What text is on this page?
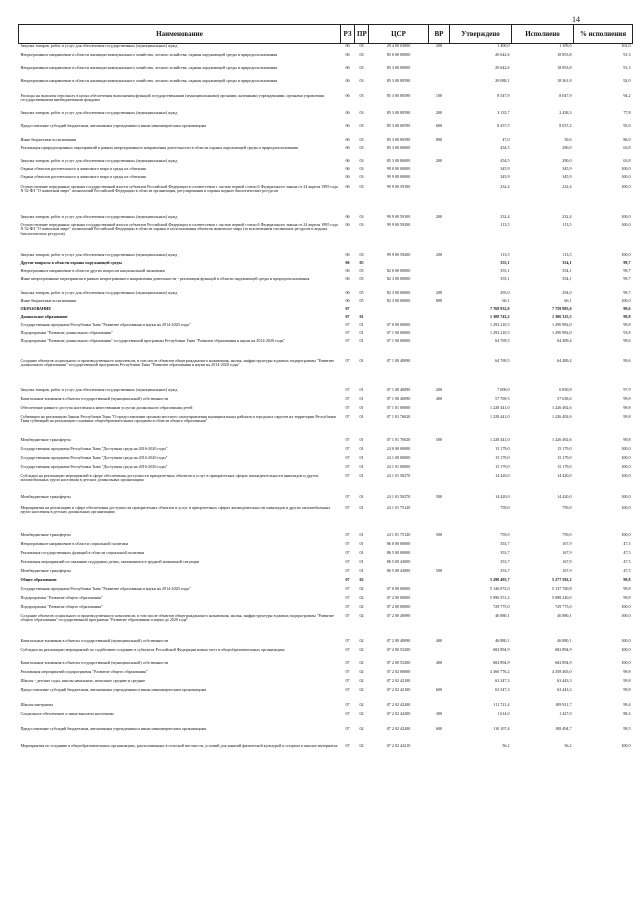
14
Наименование	РЗ	ПР	ЦСР	ВР	Утверждено	Исполнено	% исполнения
Закупка товаров, работ и услуг для обеспечения государственных (муниципальных) нужд	06	03	29 4 00 03000	200	1 400,0	1 109,0	102,0
Непрограммное направление в области жилищно-коммунального хозяйства, лесного хозяйства, охраны окружающей среды и природопользования	06	03	85 0 00 00000		20 642,6	18 853,8	91,3
Непрограммное направление в области жилищно-коммунального хозяйства, лесного хозяйства, охраны окружающей среды и природопользования	06	03	85 3 00 00000		20 642,6	18 853,8	91,3
Непрограммное направление в области жилищно-коммунального хозяйства, лесного хозяйства, охраны окружающей среды и природопользования	06	03	85 3 00 00590		20 088,1	18 361,8	92,0
Расходы на выплаты персоналу в целях обеспечения выполнения функций государственными (муниципальными) органами, казенными учреждениями, органами управления государственными внебюджетными фондами	06	03	85 3 00 00590	100	8 547,9	8 047,9	94,2
Закупка товаров, работ и услуг для обеспечения государственных (муниципальных) нужд	06	03	85 3 00 00590	200	3 135,7	2 438,3	77,8
Предоставление субсидий бюджетным, автономным учреждениям и иным некоммерческим организациям	06	03	85 3 00 00590	600	8 457,5	8 037,2	95,0
Иные бюджетные ассигнования	06	03	85 3 00 00590	800	47,0	39,6	86,0
Реализация природоохранных мероприятий в рамках непрограммного направления деятельности в области охраны окружающей среды и природопользования	06	03	85 3 00 06000		454,5	290,0	63,8
Закупка товаров, работ и услуг для обеспечения государственных (муниципальных) нужд	06	03	85 3 00 06000	200	454,5	290,0	63,8
Охрана объектов растительного и животного мира и среды их обитания	06	03	99 0 00 00000		345,9	345,9	100,0
Охрана объектов растительного и животного мира и среды их обитания	06	03	99 9 00 00000		345,9	345,9	100,0
Осуществление переданных органам государственной власти субъектов Российской Федерации в соответствии с частью первой статьи 6 Федерального закона от 24 апреля 1995 года N 52-ФЗ "О животном мире" полномочий Российской Федерации в области организации, регулирования и охраны водных биологических ресурсов	06	03	99 9 00 59100		232,4	232,4	100,0
Закупка товаров, работ и услуг для обеспечения государственных (муниципальных) нужд	06	03	99 9 00 59100	200	232,4	232,4	100,0
Осуществление переданных органам государственной власти субъектов Российской Федерации в соответствии с частью первой статьи 6 Федерального закона от 24 апреля 1995 года N 52-ФЗ "О животном мире" полномочий Российской Федерации в области охраны и использования объектов животного мира (за исключением охотничьих ресурсов и водных биологических ресурсов)	06	03	99 9 00 59200		113,5	113,5	100,0
Закупка товаров, работ и услуг для обеспечения государственных (муниципальных) нужд	06	03	99 9 00 59200	200	113,5	113,5	100,0
Другие вопросы в области охраны окружающей среды	06	05			355,1	354,1	99,7
Непрограммное направление в области других вопросов национальной экономики	06	05	82 0 00 00000		355,1	354,1	99,7
Иные непрограммные мероприятия в рамках непрограммного направления деятельности - реализация функций в области окружающей среды и природопользования	06	05	82 3 00 00000		355,1	354,1	99,7
Закупка товаров, работ и услуг для обеспечения государственных (муниципальных) нужд	06	05	82 3 00 00000	200	295,0	294,0	99,7
Иные бюджетные ассигнования	06	05	82 3 00 00000	800	60,1	60,1	100,0
ОБРАЗОВАНИЕ	07				7 768 932,0	7 759 985,6	99,6
Дошкольное образование	07	01			1 308 743,2	1 306 325,5	99,8
Государственная программа Республики Тыва "Развитие образования и науки на 2014-2020 годы"	07	01	07 0 00 00000		1 293 210,5	1 290 982,0	99,8
Подпрограмма "Развитие дошкольного образования"	07	01	07 1 00 00000		1 293 210,5	1 290 982,0	93,8
Подпрограмма "Развитие дошкольного образования" государственной программы Республики Тыва "Развитие образования и науки на 2014-2020 годы"	07	01	07 1 00 00000		64 769,5	64 489,4	99,6
Создание объектов социального и производственного комплексов, в том числе объектов общегражданского назначения, жилья, инфраструктуры в рамках подпрограммы "Развитие дошкольного образования" государственной программы Республики Тыва "Развитие образования и науки на 2014-2020 годы"	07	01	07 1 00 40090		64 769,5	64 489,4	99,6
Закупка товаров, работ и услуг для обеспечения государственных (муниципальных) нужд	07	01	07 1 00 40090	200	7 000,0	6 850,8	97,9
Капитальные вложения в объекты государственной (муниципальной) собственности	07	01	07 1 00 40090	400	57 769,5	57 638,6	99,8
Обеспечение равного доступа населения к качественным услугам дошкольного образования детей	07	01	07 1 01 00000		1 228 441,0	1 226 492,6	99,8
Субвенции на реализацию Закона Республики Тыва "О предоставлении органам местного самоуправления муниципальных районов и городских округов на территории Республики Тыва субвенций на реализацию основных общеобразовательных программ в области общего образования"	07	01	07 1 01 76020		1 228 441,0	1 226 492,6	99,8
Межбюджетные трансферты	07	01	07 1 01 76020	500	1 228 441,0	1 226 492,6	99,8
Государственная программа Республики Тыва "Доступная среда на 2016-2020 годы"	07	01	24 0 00 00000		15 179,0	15 179,0	100,0
Государственная программа Республики Тыва "Доступная среда на 2016-2020 годы"	07	01	24 1 00 00000		15 179,0	15 179,0	100,0
Государственная программа Республики Тыва "Доступная среда на 2016-2020 годы"	07	01	24 1 01 00000		15 179,0	15 179,0	100,0
Субсидии на реализацию мероприятий в сфере обеспечения доступности приоритетных объектов и услуг в приоритетных сферах жизнедеятельности инвалидов и других маломобильных групп населения в детских дошкольных организациях	07	01	24 1 01 50270		14 420,0	14 420,0	100,0
Межбюджетные трансферты	07	01	24 1 01 50270	500	14 420,0	14 420,0	100,0
Мероприятия на реализацию в сфере обеспечения доступности приоритетных объектов и услуг в приоритетных сферах жизнедеятельности инвалидов и других маломобильных групп населения в детских дошкольных организациях	07	01	24 1 01 75120		759,0	759,0	100,0
Межбюджетные трансферты	07	01	24 1 01 75120	500	759,0	759,0	100,0
Непрограммное направление в области социальной политики	07	01	86 0 00 00000		353,7	167,9	47,5
Реализация государственных функций в области социальной политики	07	01	86 5 00 00000		353,7	167,9	47,5
Реализация мероприятий по оказанию поддержки детям, оказавшимся в трудной жизненной ситуации	07	01	86 5 00 43000		353,7	167,9	47,5
Межбюджетные трансферты	07	01	86 5 00 43000	500	353,7	167,9	47,5
Общее образование	07	02			5 290 495,7	5 277 592,2	99,8
Государственная программа Республики Тыва "Развитие образования и науки на 2014-2020 годы"	07	02	07 0 00 00000		5 146 072,0	5 137 760,8	99,8
Подпрограмма "Развитие общего образования"	07	02	07 2 00 00000		5 096 551,2	5 088 240,0	99,8
Подпрограмма "Развитие общего образования"	07	02	07 2 00 00000		729 775,0	729 775,0	100,0
Создание объектов социального и производственного комплексов, в том числе объектов общегражданского назначения, жилья, инфраструктуры в рамках подпрограммы "Развитие общего образования" государственной программы "Развитие образования и науки до 2020 года"	07	02	07 2 00 40090		46 880,1	46 880,1	100,0
Капитальные вложения в объекты государственной (муниципальной) собственности	07	02	07 2 00 40090	400	46 880,1	46 880,1	100,0
Субсидии на реализацию мероприятий по содействию созданию в субъектах Российской Федерации новых мест в общеобразовательных организациях	07	02	07 2 00 55200		682 894,9	682 894,9	100,0
Капитальные вложения в объекты государственной (муниципальной) собственности	07	02	07 2 00 55200	400	682 894,9	682 894,9	100,0
Реализация мероприятий подпрограммы "Развитие общего образования"	07	02	07 2 02 00000		4 366 776,2	4 358 465,0	99,8
Школы - детские сады, школы начальные, неполные средние и средние	07	02	07 2 02 42100		63 347,3	63 443,3	99,8
Предоставление субсидий бюджетным, автономным учреждениям и иным некоммерческим организациям	07	02	07 2 02 42100	600	63 347,3	63 443,3	99,8
Школы-интернаты	07	02	07 2 02 42200		111 721,4	109 921,7	99,4
Социальное обеспечение и иные выплаты населению	07	02	07 2 02 42200	300	1 614,0	1 427,0	88,4
Предоставление субсидий бюджетным, автономным учреждениям и иным некоммерческим организациям	07	02	07 2 02 42200	600	110 107,4	108 494,7	99,5
Мероприятия по созданию в общеобразовательных организациях, расположенных в сельской местности, условий для занятий физической культурой и спортом в школах-интернатах	07	02	07 2 02 42210		56,2	56,2	100,0
